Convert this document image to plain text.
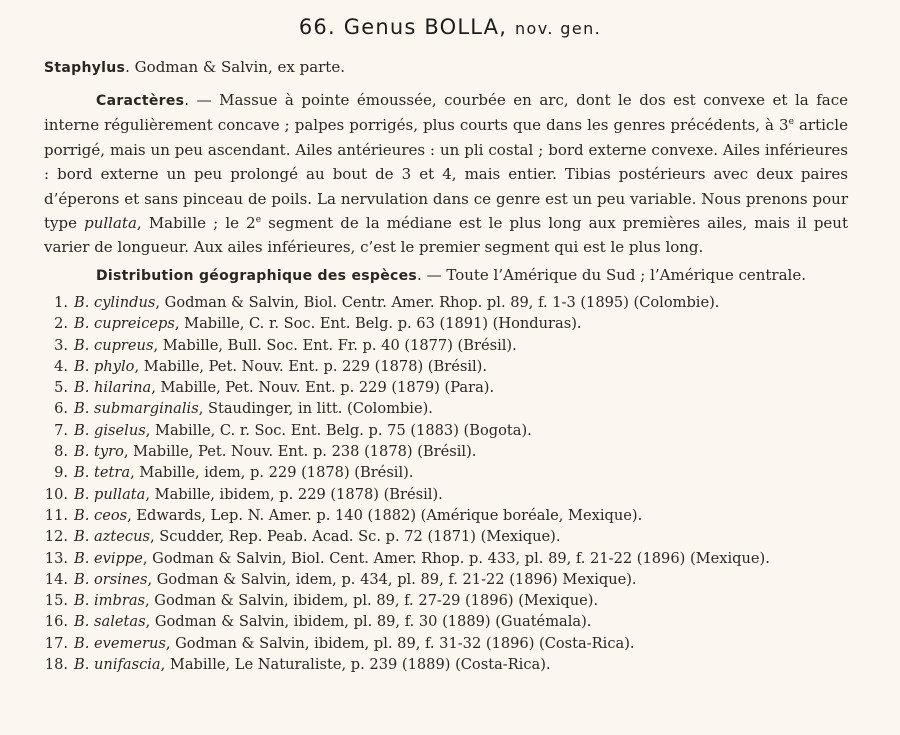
66. Genus BOLLA, nov. gen.
Staphylus. Godman & Salvin, ex parte.
Caractères. — Massue à pointe émoussée, courbée en arc, dont le dos est convexe et la face interne régulièrement concave ; palpes porrigés, plus courts que dans les genres précédents, à 3e article porrigé, mais un peu ascendant. Ailes antérieures : un pli costal ; bord externe convexe. Ailes inférieures : bord externe un peu prolongé au bout de 3 et 4, mais entier. Tibias postérieurs avec deux paires d’éperons et sans pinceau de poils. La nervulation dans ce genre est un peu variable. Nous prenons pour type pullata, Mabille ; le 2e segment de la médiane est le plus long aux premières ailes, mais il peut varier de longueur. Aux ailes inférieures, c’est le premier segment qui est le plus long.
Distribution géographique des espèces. — Toute l’Amérique du Sud ; l’Amérique centrale.
1. B. cylindus, Godman & Salvin, Biol. Centr. Amer. Rhop. pl. 89, f. 1-3 (1895) (Colombie).
2. B. cupreiceps, Mabille, C. r. Soc. Ent. Belg. p. 63 (1891) (Honduras).
3. B. cupreus, Mabille, Bull. Soc. Ent. Fr. p. 40 (1877) (Brésil).
4. B. phylo, Mabille, Pet. Nouv. Ent. p. 229 (1878) (Brésil).
5. B. hilarina, Mabille, Pet. Nouv. Ent. p. 229 (1879) (Para).
6. B. submarginalis, Staudinger, in litt. (Colombie).
7. B. giselus, Mabille, C. r. Soc. Ent. Belg. p. 75 (1883) (Bogota).
8. B. tyro, Mabille, Pet. Nouv. Ent. p. 238 (1878) (Brésil).
9. B. tetra, Mabille, idem, p. 229 (1878) (Brésil).
10. B. pullata, Mabille, ibidem, p. 229 (1878) (Brésil).
11. B. ceos, Edwards, Lep. N. Amer. p. 140 (1882) (Amérique boréale, Mexique).
12. B. aztecus, Scudder, Rep. Peab. Acad. Sc. p. 72 (1871) (Mexique).
13. B. evippe, Godman & Salvin, Biol. Cent. Amer. Rhop. p. 433, pl. 89, f. 21-22 (1896) (Mexique).
14. B. orsines, Godman & Salvin, idem, p. 434, pl. 89, f. 21-22 (1896) Mexique).
15. B. imbras, Godman & Salvin, ibidem, pl. 89, f. 27-29 (1896) (Mexique).
16. B. saletas, Godman & Salvin, ibidem, pl. 89, f. 30 (1889) (Guatémala).
17. B. evemerus, Godman & Salvin, ibidem, pl. 89, f. 31-32 (1896) (Costa-Rica).
18. B. unifascia, Mabille, Le Naturaliste, p. 239 (1889) (Costa-Rica).
